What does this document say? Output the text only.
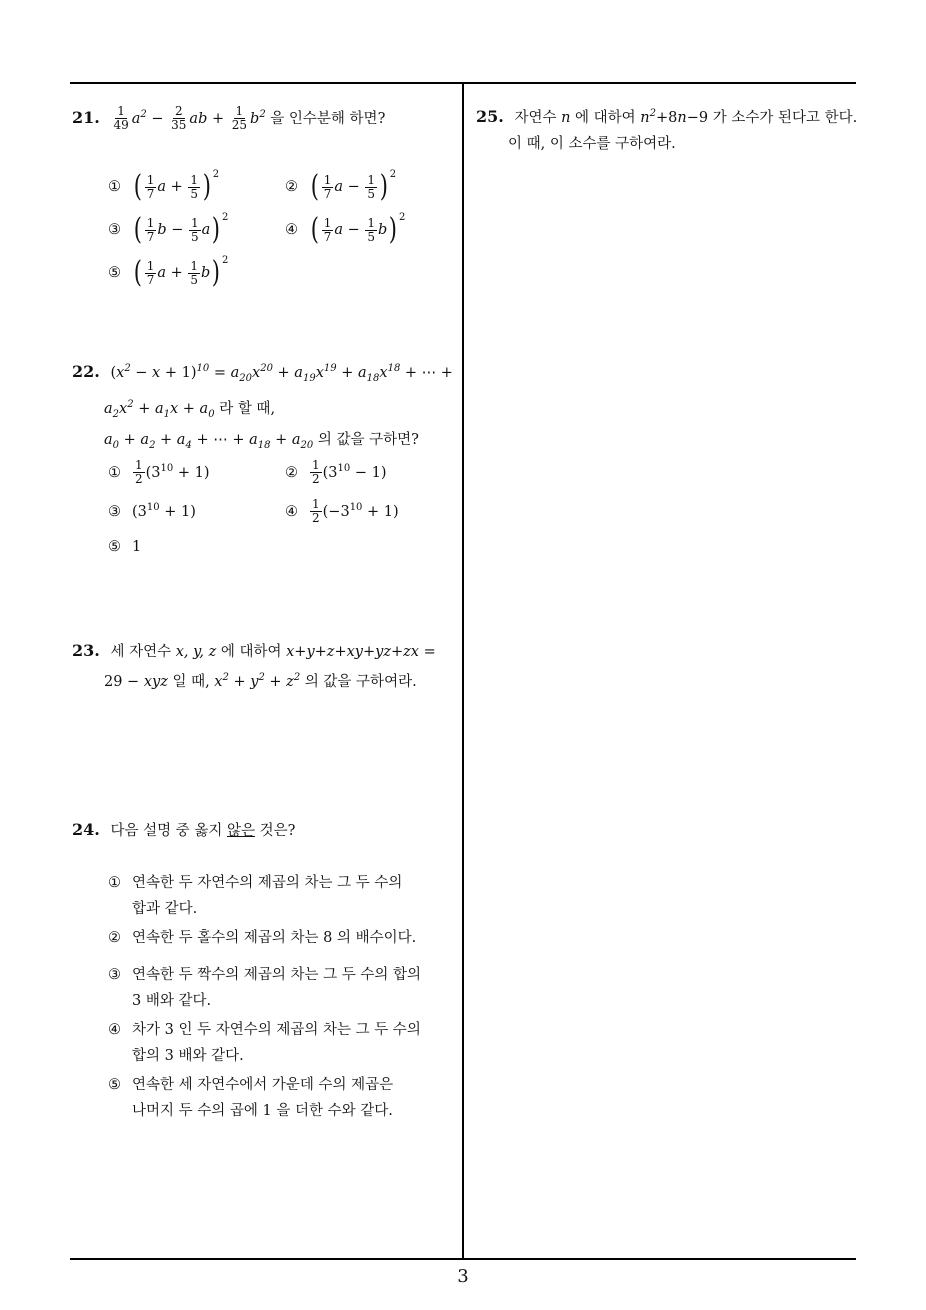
21. $\frac{1}{49} a^2 - \frac{2}{35}$ ab + $\frac{1}{25} b^2$ 을 인수분해 하면?
① ( $\frac{1}{7}$ $a + \frac{1}{5}$ ) $^2$
② ( $\frac{1}{7}$ $a - \frac{1}{5}$ ) $^2$
③ ( $\frac{1}{7}$ $b - \frac{1}{5} a$) $^2$
④ ( $\frac{1}{7}$ $a - \frac{1}{5} b$) $^2$
⑤ ( $\frac{1}{7}$ $a + \frac{1}{5} b$) $^2$
22. $(x^2 - x + 1)^{10} = a_{20}x^{20} + a_{19}x^{19} + a_{18}x^{18}$ + ⋯ +
$a_2x^2 + a_1x + a_0$ 라 할 때,
$a_0 + a_2 + a_4$ + ⋯ + $a_{18} + a_{20}$ 의 값을 구하면?
① $\frac{1}{2} (3^{10} + 1)$	② $\frac{1}{2} (3^{10} - 1)$
③ $(3^{10} + 1)$	④ $\frac{1}{2} (-3^{10} + 1)$
⑤ 1
23. 세 자연수 x, y, z 에 대하여 x+y+z+xy+yz+zx =
29 − xyz 일 때, $x^2 + y^2 + z^2$ 의 값을 구하여라.
24. 다음 설명 중 옳지 않은 것은?
① 연속한 두 자연수의 제곱의 차는 그 두 수의
합과 같다.
② 연속한 두 홀수의 제곱의 차는 8 의 배수이다.
③ 연속한 두 짝수의 제곱의 차는 그 두 수의 합의
3 배와 같다.
④ 차가 3 인 두 자연수의 제곱의 차는 그 두 수의
합의 3 배와 같다.
⑤ 연속한 세 자연수에서 가운데 수의 제곱은
나머지 두 수의 곱에 1 을 더한 수와 같다.
25. 자연수 n 에 대하여 $n^2+8n-9$ 가 소수가 된다고 한다.
이 때, 이 소수를 구하여라.
3
